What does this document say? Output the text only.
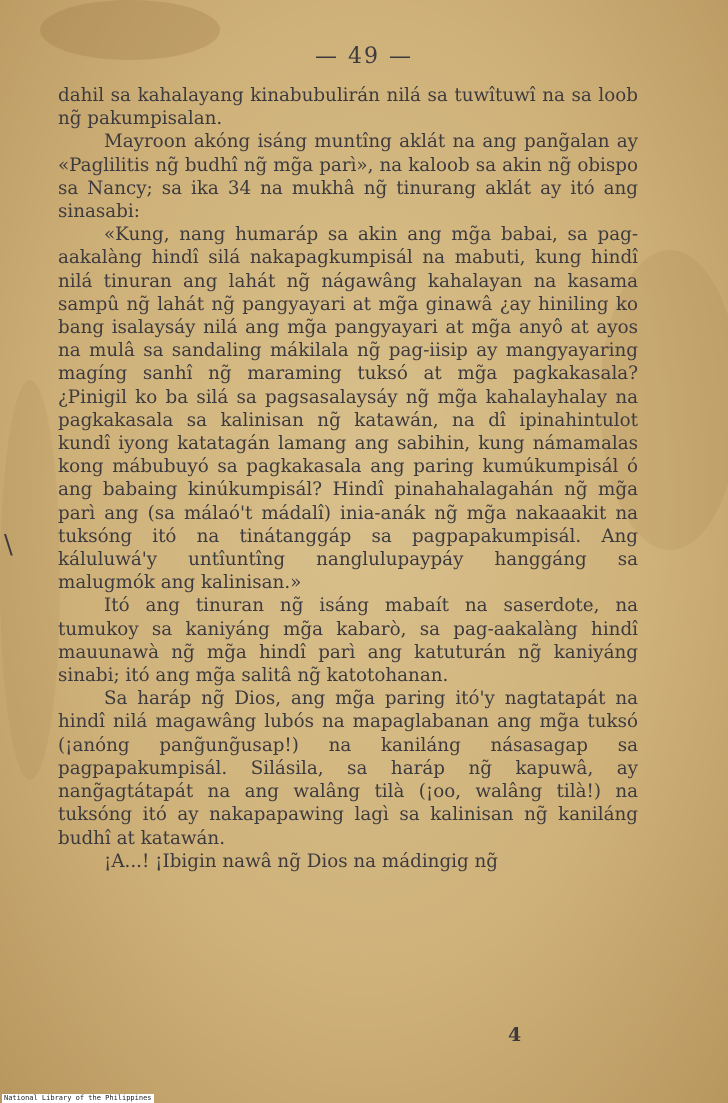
— 49 —
\

dahil sa kahalayang kinabubulirán nilá sa tuwîtuwî na sa loob ng̃ pakumpisalan.

Mayroon akóng isáng muntîng aklát na ang pang̃alan ay «Paglilitis ng̃ budhî ng̃ mg̃a parì», na kaloob sa akin ng̃ obispo sa Nancy; sa ika 34 na mukhâ ng̃ tinurang aklát ay itó ang sinasabi:

«Kung, nang humaráp sa akin ang mg̃a babai, sa pag-aakalàng hindî silá nakapagkumpisál na mabuti, kung hindî nilá tinuran ang lahát ng̃ nágawâng kahalayan na kasama sampû ng̃ lahát ng̃ pangyayari at mg̃a ginawâ ¿ay hiniling ko bang isalaysáy nilá ang mg̃a pangyayari at mg̃a anyô at ayos na mulâ sa sandaling mákilala ng̃ pag-iisip ay mangyayaring magíng sanhî ng̃ maraming tuksó at mg̃a pagkakasala? ¿Pinigil ko ba silá sa pagsasalaysáy ng̃ mg̃a kahalayhalay na pagkakasala sa kalinisan ng̃ katawán, na dî ipinahintulot kundî iyong katatagán lamang ang sabihin, kung námamalas kong mábubuyó sa pagkakasala ang paring kumúkumpisál ó ang babaing kinúkumpisál? Hindî pinahahalagahán ng̃ mg̃a parì ang (sa málaó't mádalî) inia-anák ng̃ mg̃a nakaaakit na tuksóng itó na tinátanggáp sa pagpapakumpisál. Ang káluluwá'y untîuntîng nanglulupaypáy hanggáng sa malugmók ang kalinisan.»

Itó ang tinuran ng̃ isáng mabaít na saserdote, na tumukoy sa kaniyáng mg̃a kabarò, sa pag-aakalàng hindî mauunawà ng̃ mg̃a hindî parì ang katuturán ng̃ kaniyáng sinabi; itó ang mg̃a salitâ ng̃ katotohanan.

Sa haráp ng̃ Dios, ang mg̃a paring itó'y nagtatapát na hindî nilá magawâng lubós na mapaglabanan ang mg̃a tuksó (¡anóng pang̃ung̃usap!) na kaniláng násasagap sa pagpapakumpisál. Silásila, sa haráp ng̃ kapuwâ, ay nang̃agtátapát na ang walâng tilà (¡oo, walâng tilà!) na tuksóng itó ay nakapapawing lagì sa kalinisan ng̃ kaniláng budhî at katawán.

¡A...! ¡Ibigin nawâ ng̃ Dios na mádingig ng̃

4
National Library of the Philippines
